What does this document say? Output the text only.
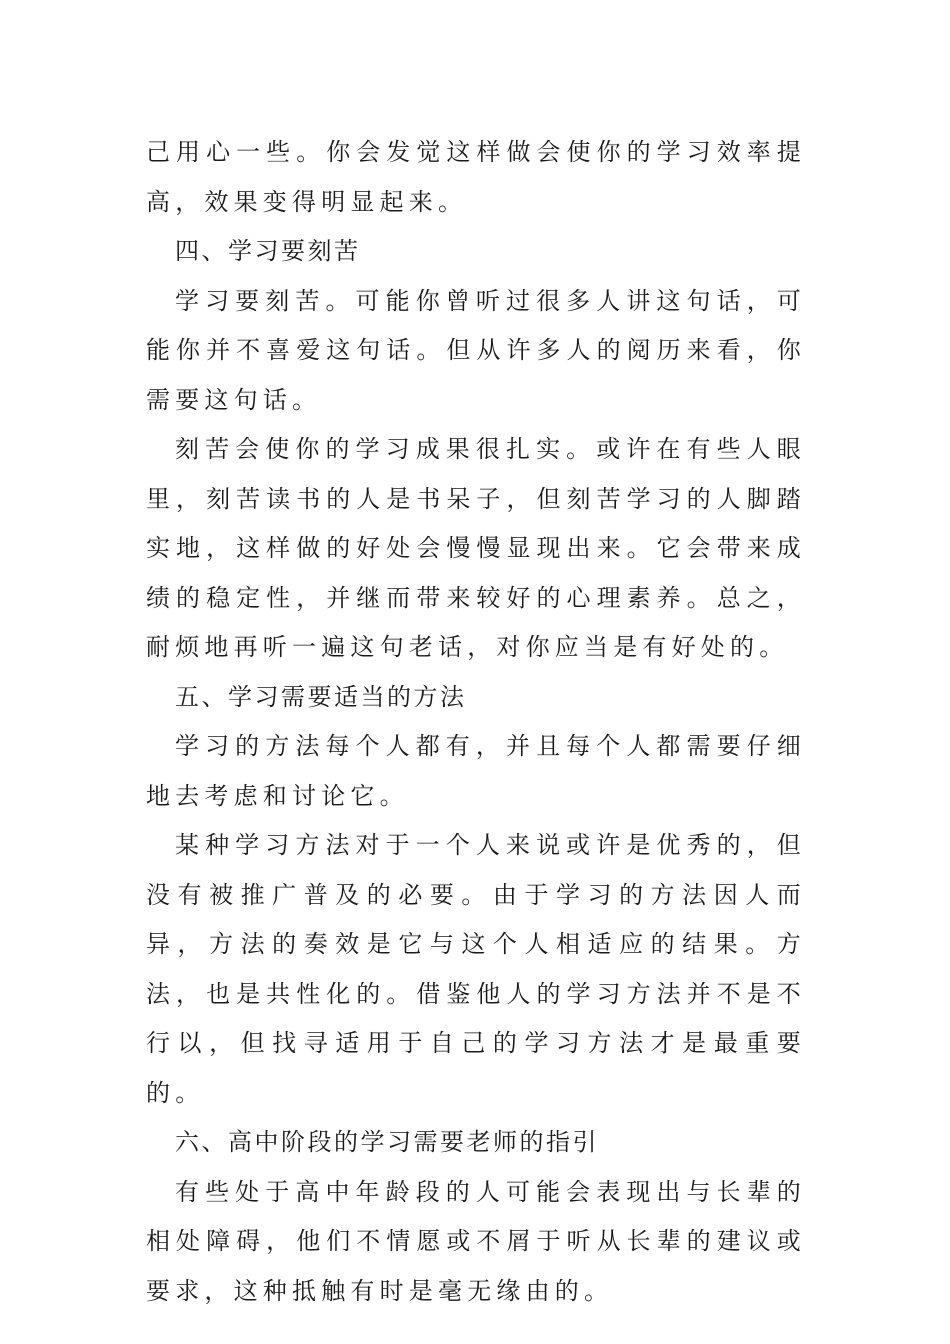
己用心一些。你会发觉这样做会使你的学习效率提高，效果变得明显起来。

四、学习要刻苦

学习要刻苦。可能你曾听过很多人讲这句话，可能你并不喜爱这句话。但从许多人的阅历来看，你需要这句话。

刻苦会使你的学习成果很扎实。或许在有些人眼里，刻苦读书的人是书呆子，但刻苦学习的人脚踏实地，这样做的好处会慢慢显现出来。它会带来成绩的稳定性，并继而带来较好的心理素养。总之，耐烦地再听一遍这句老话，对你应当是有好处的。

五、学习需要适当的方法

学习的方法每个人都有，并且每个人都需要仔细地去考虑和讨论它。

某种学习方法对于一个人来说或许是优秀的，但没有被推广普及的必要。由于学习的方法因人而异，方法的奏效是它与这个人相适应的结果。方法，也是共性化的。借鉴他人的学习方法并不是不行以，但找寻适用于自己的学习方法才是最重要的。

六、高中阶段的学习需要老师的指引

有些处于高中年龄段的人可能会表现出与长辈的相处障碍，他们不情愿或不屑于听从长辈的建议或要求，这种抵触有时是毫无缘由的。
